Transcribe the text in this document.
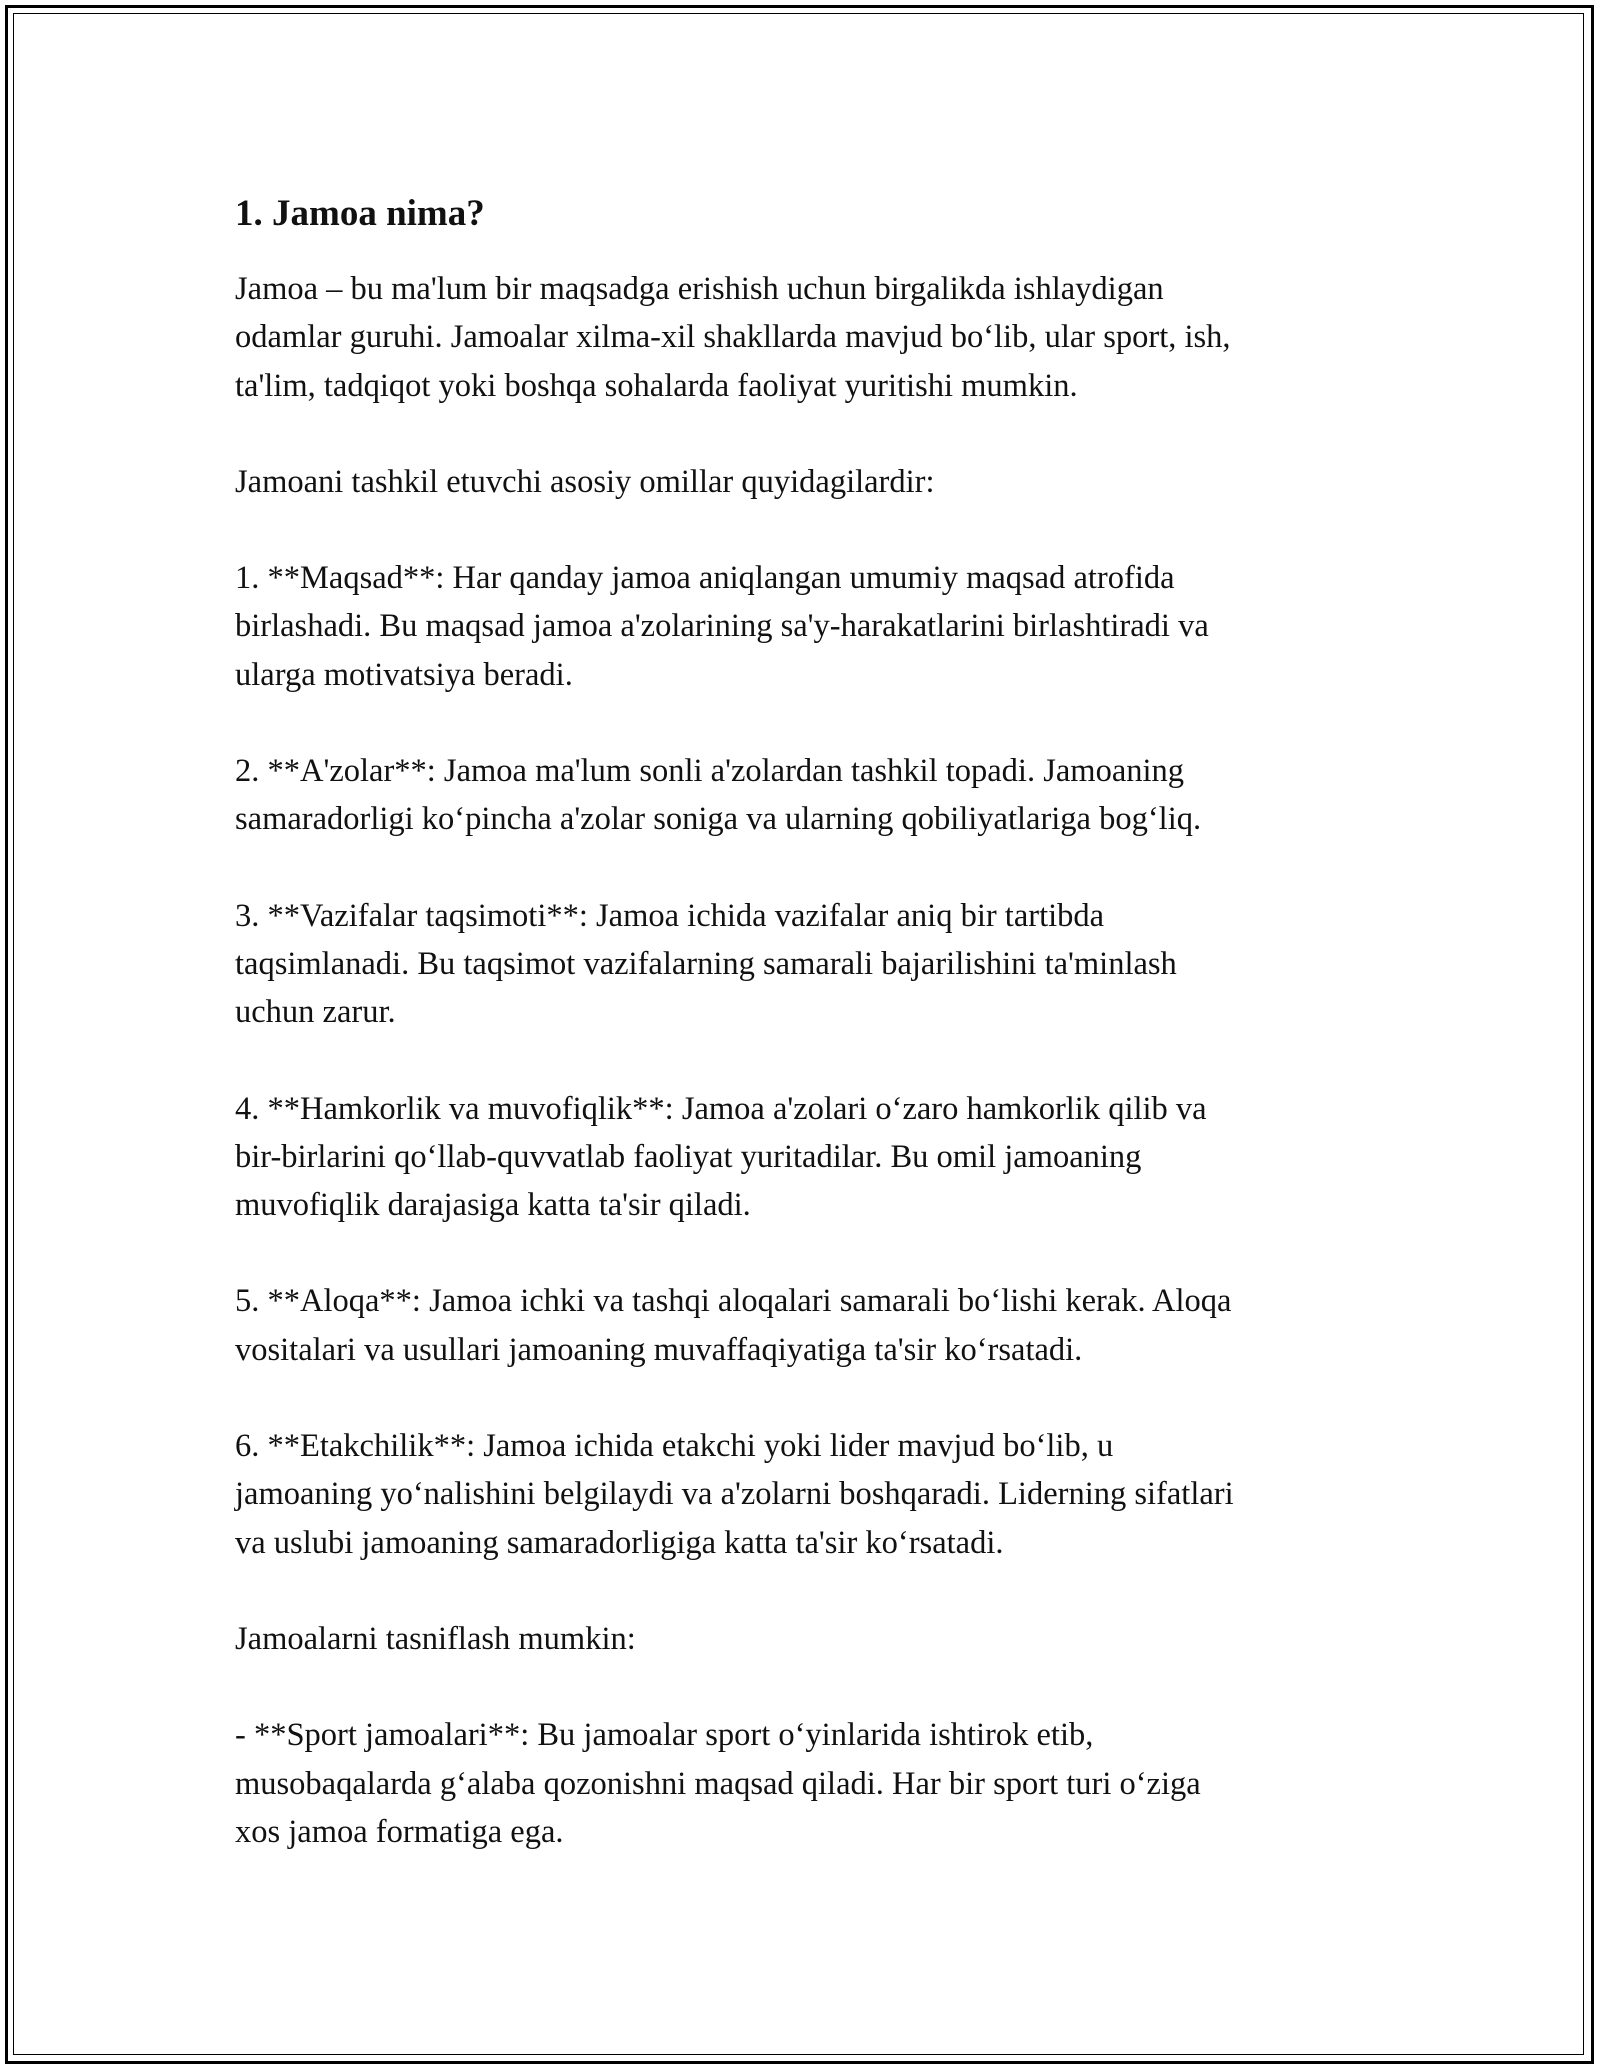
1. Jamoa nima?

Jamoa – bu ma'lum bir maqsadga erishish uchun birgalikda ishlaydigan
odamlar guruhi. Jamoalar xilma-xil shakllarda mavjud bo‘lib, ular sport, ish,
ta'lim, tadqiqot yoki boshqa sohalarda faoliyat yuritishi mumkin.

Jamoani tashkil etuvchi asosiy omillar quyidagilardir:

1. **Maqsad**: Har qanday jamoa aniqlangan umumiy maqsad atrofida
birlashadi. Bu maqsad jamoa a'zolarining sa'y-harakatlarini birlashtiradi va
ularga motivatsiya beradi.

2. **A'zolar**: Jamoa ma'lum sonli a'zolardan tashkil topadi. Jamoaning
samaradorligi ko‘pincha a'zolar soniga va ularning qobiliyatlariga bog‘liq.

3. **Vazifalar taqsimoti**: Jamoa ichida vazifalar aniq bir tartibda
taqsimlanadi. Bu taqsimot vazifalarning samarali bajarilishini ta'minlash
uchun zarur.

4. **Hamkorlik va muvofiqlik**: Jamoa a'zolari o‘zaro hamkorlik qilib va
bir-birlarini qo‘llab-quvvatlab faoliyat yuritadilar. Bu omil jamoaning
muvofiqlik darajasiga katta ta'sir qiladi.

5. **Aloqa**: Jamoa ichki va tashqi aloqalari samarali bo‘lishi kerak. Aloqa
vositalari va usullari jamoaning muvaffaqiyatiga ta'sir ko‘rsatadi.

6. **Etakchilik**: Jamoa ichida etakchi yoki lider mavjud bo‘lib, u
jamoaning yo‘nalishini belgilaydi va a'zolarni boshqaradi. Liderning sifatlari
va uslubi jamoaning samaradorligiga katta ta'sir ko‘rsatadi.

Jamoalarni tasniflash mumkin:

- **Sport jamoalari**: Bu jamoalar sport o‘yinlarida ishtirok etib,
musobaqalarda g‘alaba qozonishni maqsad qiladi. Har bir sport turi o‘ziga
xos jamoa formatiga ega.
